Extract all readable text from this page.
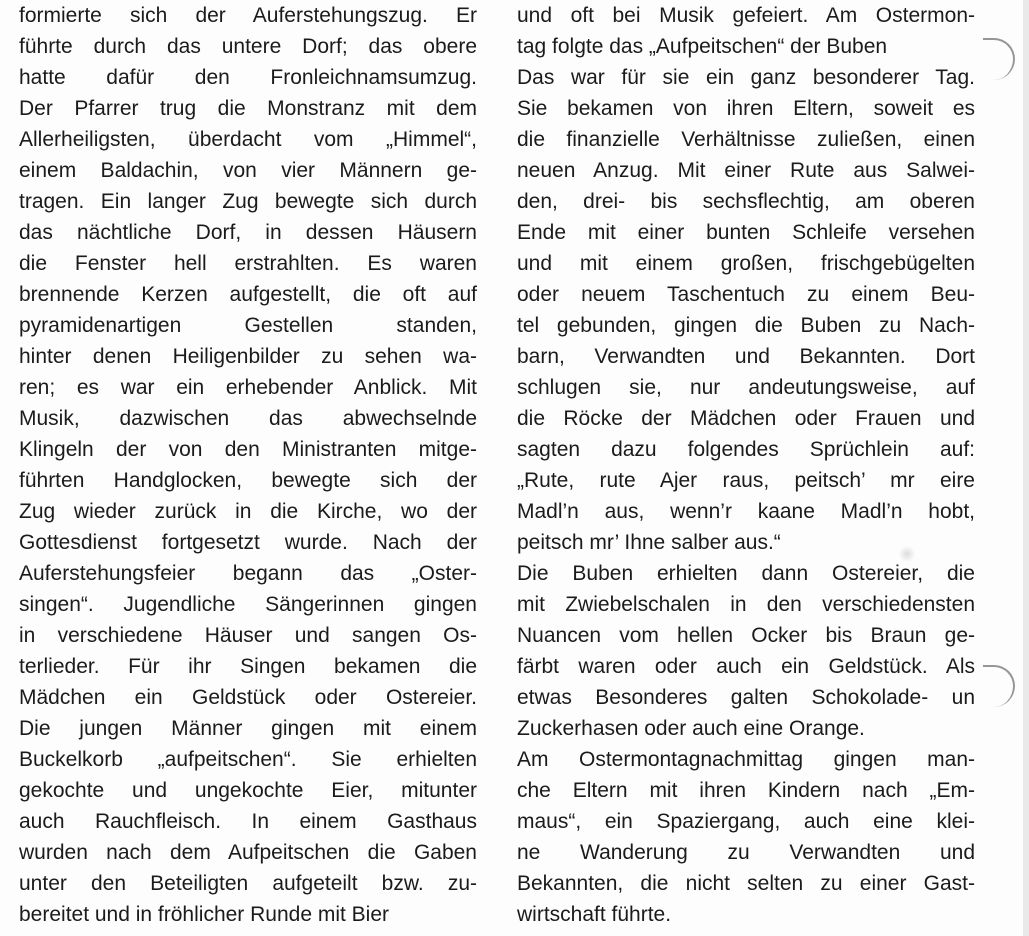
formierte sich der Auferstehungszug. Er
führte durch das untere Dorf; das obere
hatte dafür den Fronleichnamsumzug.
Der Pfarrer trug die Monstranz mit dem
Allerheiligsten, überdacht vom „Himmel“,
einem Baldachin, von vier Männern ge-
tragen. Ein langer Zug bewegte sich durch
das nächtliche Dorf, in dessen Häusern
die Fenster hell erstrahlten. Es waren
brennende Kerzen aufgestellt, die oft auf
pyramidenartigen Gestellen standen,
hinter denen Heiligenbilder zu sehen wa-
ren; es war ein erhebender Anblick. Mit
Musik, dazwischen das abwechselnde
Klingeln der von den Ministranten mitge-
führten Handglocken, bewegte sich der
Zug wieder zurück in die Kirche, wo der
Gottesdienst fortgesetzt wurde. Nach der
Auferstehungsfeier begann das „Oster-
singen“. Jugendliche Sängerinnen gingen
in verschiedene Häuser und sangen Os-
terlieder. Für ihr Singen bekamen die
Mädchen ein Geldstück oder Ostereier.
Die jungen Männer gingen mit einem
Buckelkorb „aufpeitschen“. Sie erhielten
gekochte und ungekochte Eier, mitunter
auch Rauchfleisch. In einem Gasthaus
wurden nach dem Aufpeitschen die Gaben
unter den Beteiligten aufgeteilt bzw. zu-
bereitet und in fröhlicher Runde mit Bier
und oft bei Musik gefeiert. Am Ostermon-
tag folgte das „Aufpeitschen“ der Buben
Das war für sie ein ganz besonderer Tag.
Sie bekamen von ihren Eltern, soweit es
die finanzielle Verhältnisse zuließen, einen
neuen Anzug. Mit einer Rute aus Salwei-
den, drei- bis sechsflechtig, am oberen
Ende mit einer bunten Schleife versehen
und mit einem großen, frischgebügelten
oder neuem Taschentuch zu einem Beu-
tel gebunden, gingen die Buben zu Nach-
barn, Verwandten und Bekannten. Dort
schlugen sie, nur andeutungsweise, auf
die Röcke der Mädchen oder Frauen und
sagten dazu folgendes Sprüchlein auf:
„Rute, rute Ajer raus, peitsch’ mr eire
Madl’n aus, wenn’r kaane Madl’n hobt,
peitsch mr’ Ihne salber aus.“
Die Buben erhielten dann Ostereier, die
mit Zwiebelschalen in den verschiedensten
Nuancen vom hellen Ocker bis Braun ge-
färbt waren oder auch ein Geldstück. Als
etwas Besonderes galten Schokolade- un
Zuckerhasen oder auch eine Orange.
Am Ostermontagnachmittag gingen man-
che Eltern mit ihren Kindern nach „Em-
maus“, ein Spaziergang, auch eine klei-
ne Wanderung zu Verwandten und
Bekannten, die nicht selten zu einer Gast-
wirtschaft führte.
